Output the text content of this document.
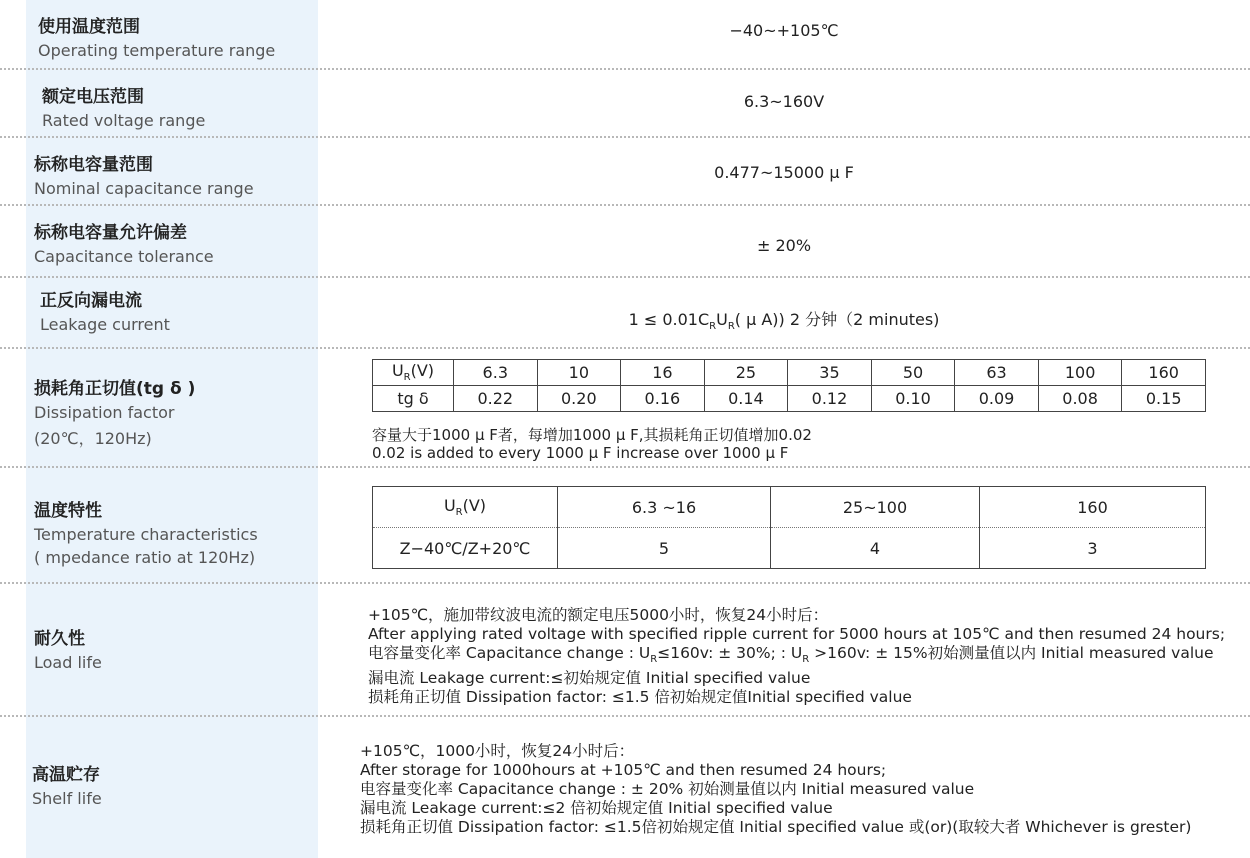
使用温度范围
Operating temperature range
−40~+105℃
额定电压范围
Rated voltage range
6.3~160V
标称电容量范围
Nominal capacitance range
0.477~15000 μ F
标称电容量允许偏差
Capacitance tolerance
± 20%
正反向漏电流
Leakage current	$1 \le 0.01C_RU_R$( μ A)) 2 分钟（2 minutes)
损耗角正切值(tg δ )
Dissipation factor
(20℃，120Hz)
$U_R(V)$	6.3	10	16	25	35	50	63	100	160
tg δ	0.22	0.20	0.16	0.14	0.12	0.10	0.09	0.08	0.15
容量大于1000 μ F者，每增加1000 μ F,其损耗角正切值增加0.02
0.02 is added to every 1000 μ F increase over 1000 μ F
温度特性
Temperature characteristics
( mpedance ratio at 120Hz)
$U_R(V)$	6.3 ~16	25~100	160
Z−40℃/Z+20℃	5	4	3
耐久性
Load life
+105℃，施加带纹波电流的额定电压5000小时，恢复24小时后：
After applying rated voltage with specified ripple current for 5000 hours at 105℃ and then resumed 24 hours;
电容量变化率 Capacitance change : $U_R\le 160v$: ± 30%; : $U_R >160v$: ± 15%初始测量值以内 Initial measured value
漏电流 Leakage current:≤初始规定值 Initial specified value
损耗角正切值 Dissipation factor: ≤1.5 倍初始规定值Initial specified value
高温贮存
Shelf life
+105℃，1000小时，恢复24小时后：
After storage for 1000hours at +105℃ and then resumed 24 hours;
电容量变化率 Capacitance change : ± 20% 初始测量值以内 Initial measured value
漏电流 Leakage current:≤2 倍初始规定值 Initial specified value
损耗角正切值 Dissipation factor: ≤1.5倍初始规定值 Initial specified value 或(or)(取较大者 Whichever is grester)
